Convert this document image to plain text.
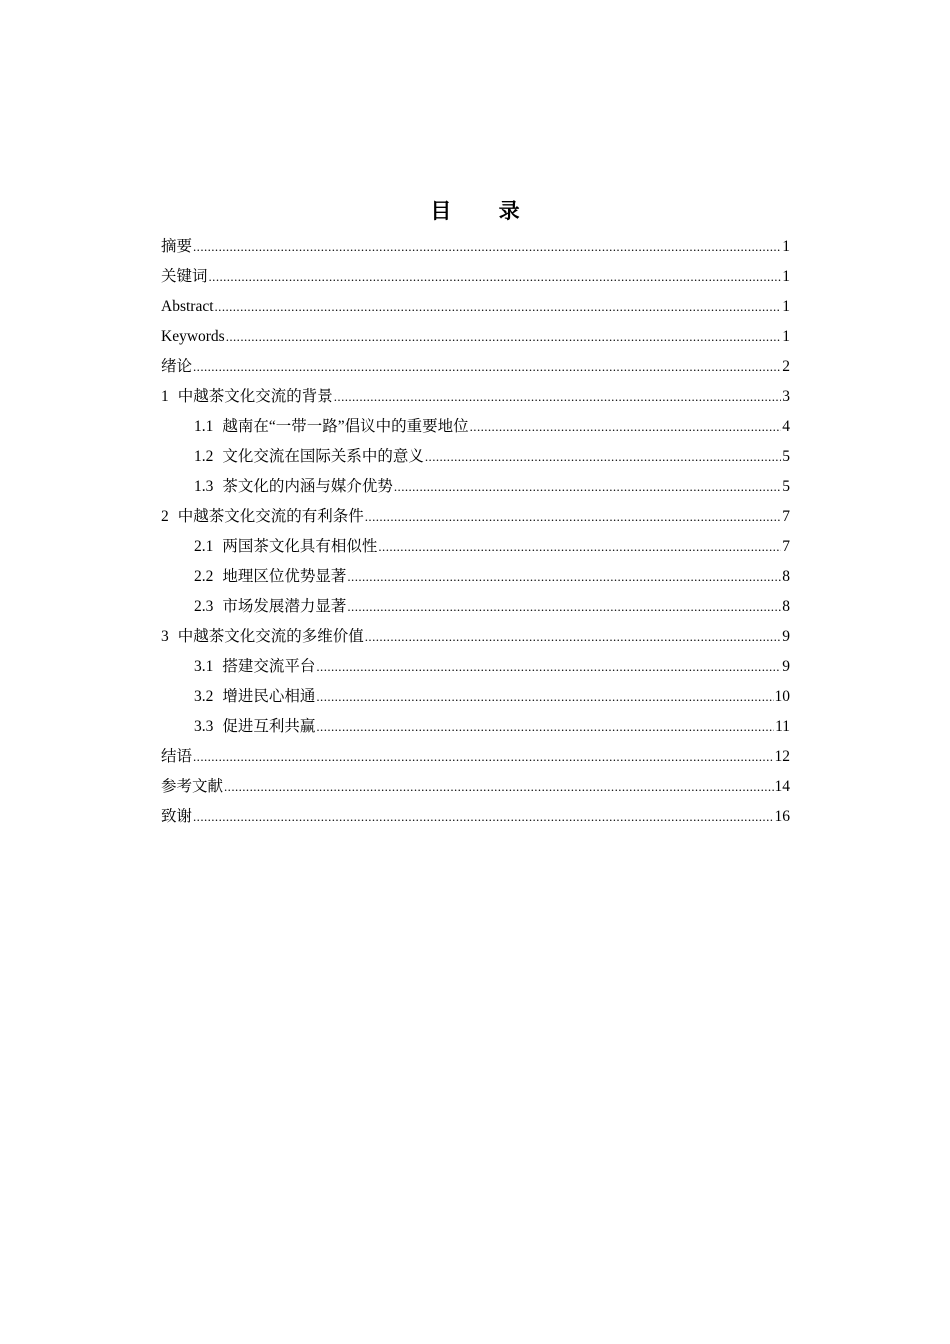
目 录
摘要 .....	1
关键词 .....	1
Abstract .....	1
Keywords .....	1
绪论 .....	2
1 中越茶文化交流的背景 .....	3
1.1 越南在“一带一路”倡议中的重要地位 .....	4
1.2 文化交流在国际关系中的意义 .....	5
1.3 茶文化的内涵与媒介优势 .....	5
2 中越茶文化交流的有利条件 .....	7
2.1 两国茶文化具有相似性 .....	7
2.2 地理区位优势显著 .....	8
2.3 市场发展潜力显著 .....	8
3 中越茶文化交流的多维价值 .....	9
3.1 搭建交流平台 .....	9
3.2 增进民心相通 .....	10
3.3 促进互利共赢 .....	11
结语 .....	12
参考文献 .....	14
致谢 .....	16
